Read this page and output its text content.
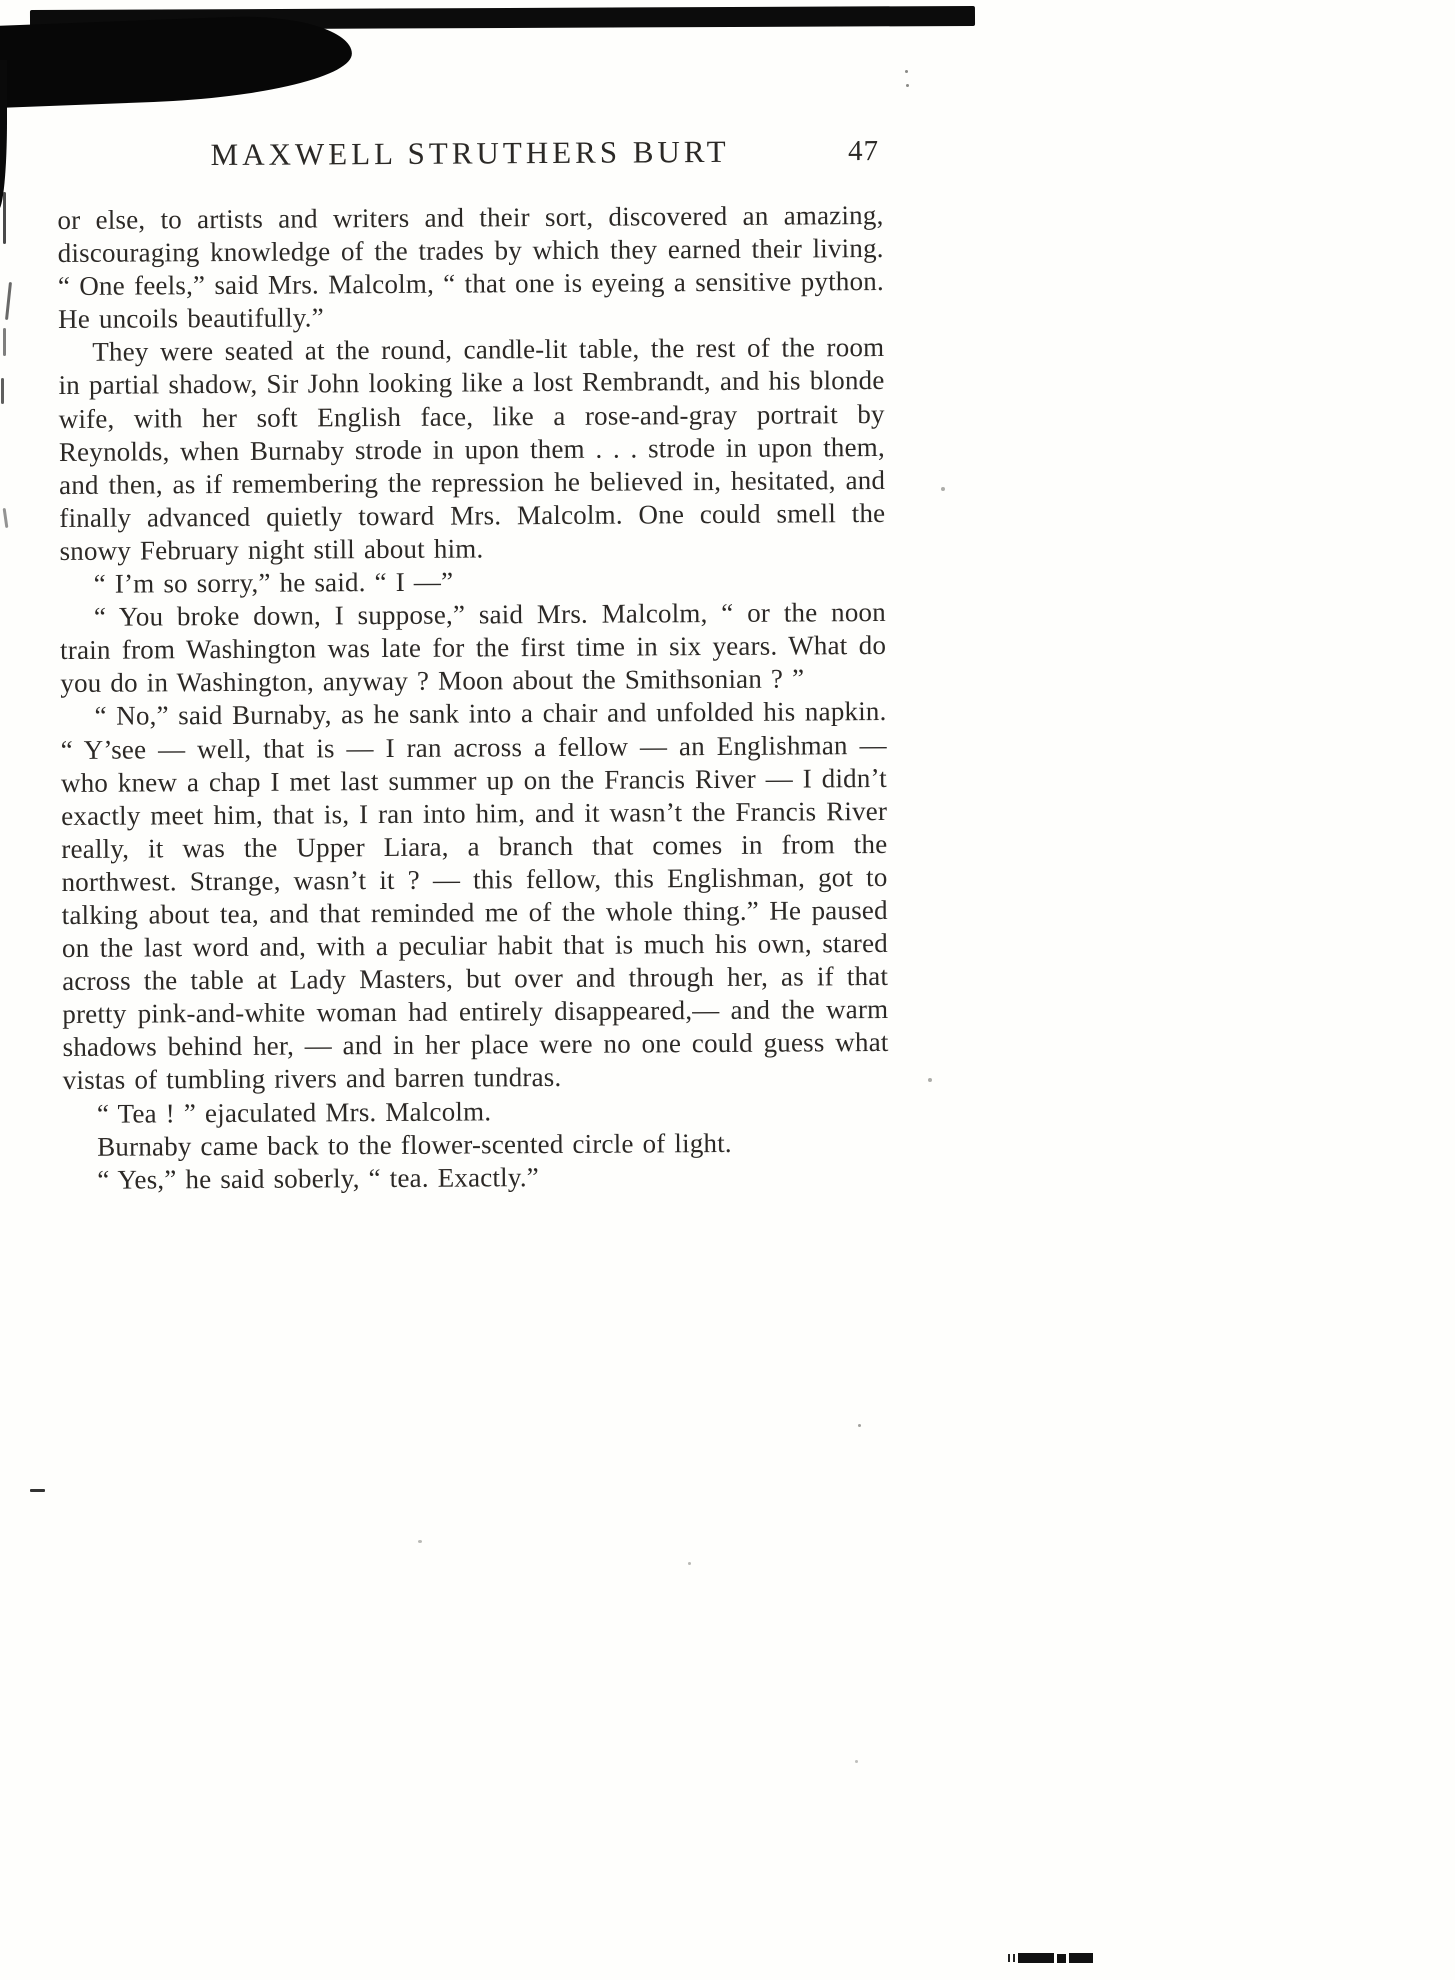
MAXWELL STRUTHERS BURT	47

or else, to artists and writers and their sort, discovered an amazing, discouraging knowledge of the trades by which they earned their living. “ One feels,” said Mrs. Malcolm, “ that one is eyeing a sensitive python. He uncoils beautifully.”

They were seated at the round, candle-lit table, the rest of the room in partial shadow, Sir John looking like a lost Rembrandt, and his blonde wife, with her soft English face, like a rose-and-gray portrait by Reynolds, when Burnaby strode in upon them . . . strode in upon them, and then, as if remembering the repression he believed in, hesitated, and finally advanced quietly toward Mrs. Malcolm. One could smell the snowy February night still about him.

“ I’m so sorry,” he said. “ I —”

“ You broke down, I suppose,” said Mrs. Malcolm, “ or the noon train from Washington was late for the first time in six years. What do you do in Washington, anyway ? Moon about the Smithsonian ? ”

“ No,” said Burnaby, as he sank into a chair and unfolded his napkin. “ Y’see — well, that is — I ran across a fellow — an Englishman — who knew a chap I met last summer up on the Francis River — I didn’t exactly meet him, that is, I ran into him, and it wasn’t the Francis River really, it was the Upper Liara, a branch that comes in from the northwest. Strange, wasn’t it ? — this fellow, this Englishman, got to talking about tea, and that reminded me of the whole thing.” He paused on the last word and, with a peculiar habit that is much his own, stared across the table at Lady Masters, but over and through her, as if that pretty pink-and-white woman had entirely disappeared,— and the warm shadows behind her, — and in her place were no one could guess what vistas of tumbling rivers and barren tundras.

“ Tea ! ” ejaculated Mrs. Malcolm.

Burnaby came back to the flower-scented circle of light.

“ Yes,” he said soberly, “ tea. Exactly.”
